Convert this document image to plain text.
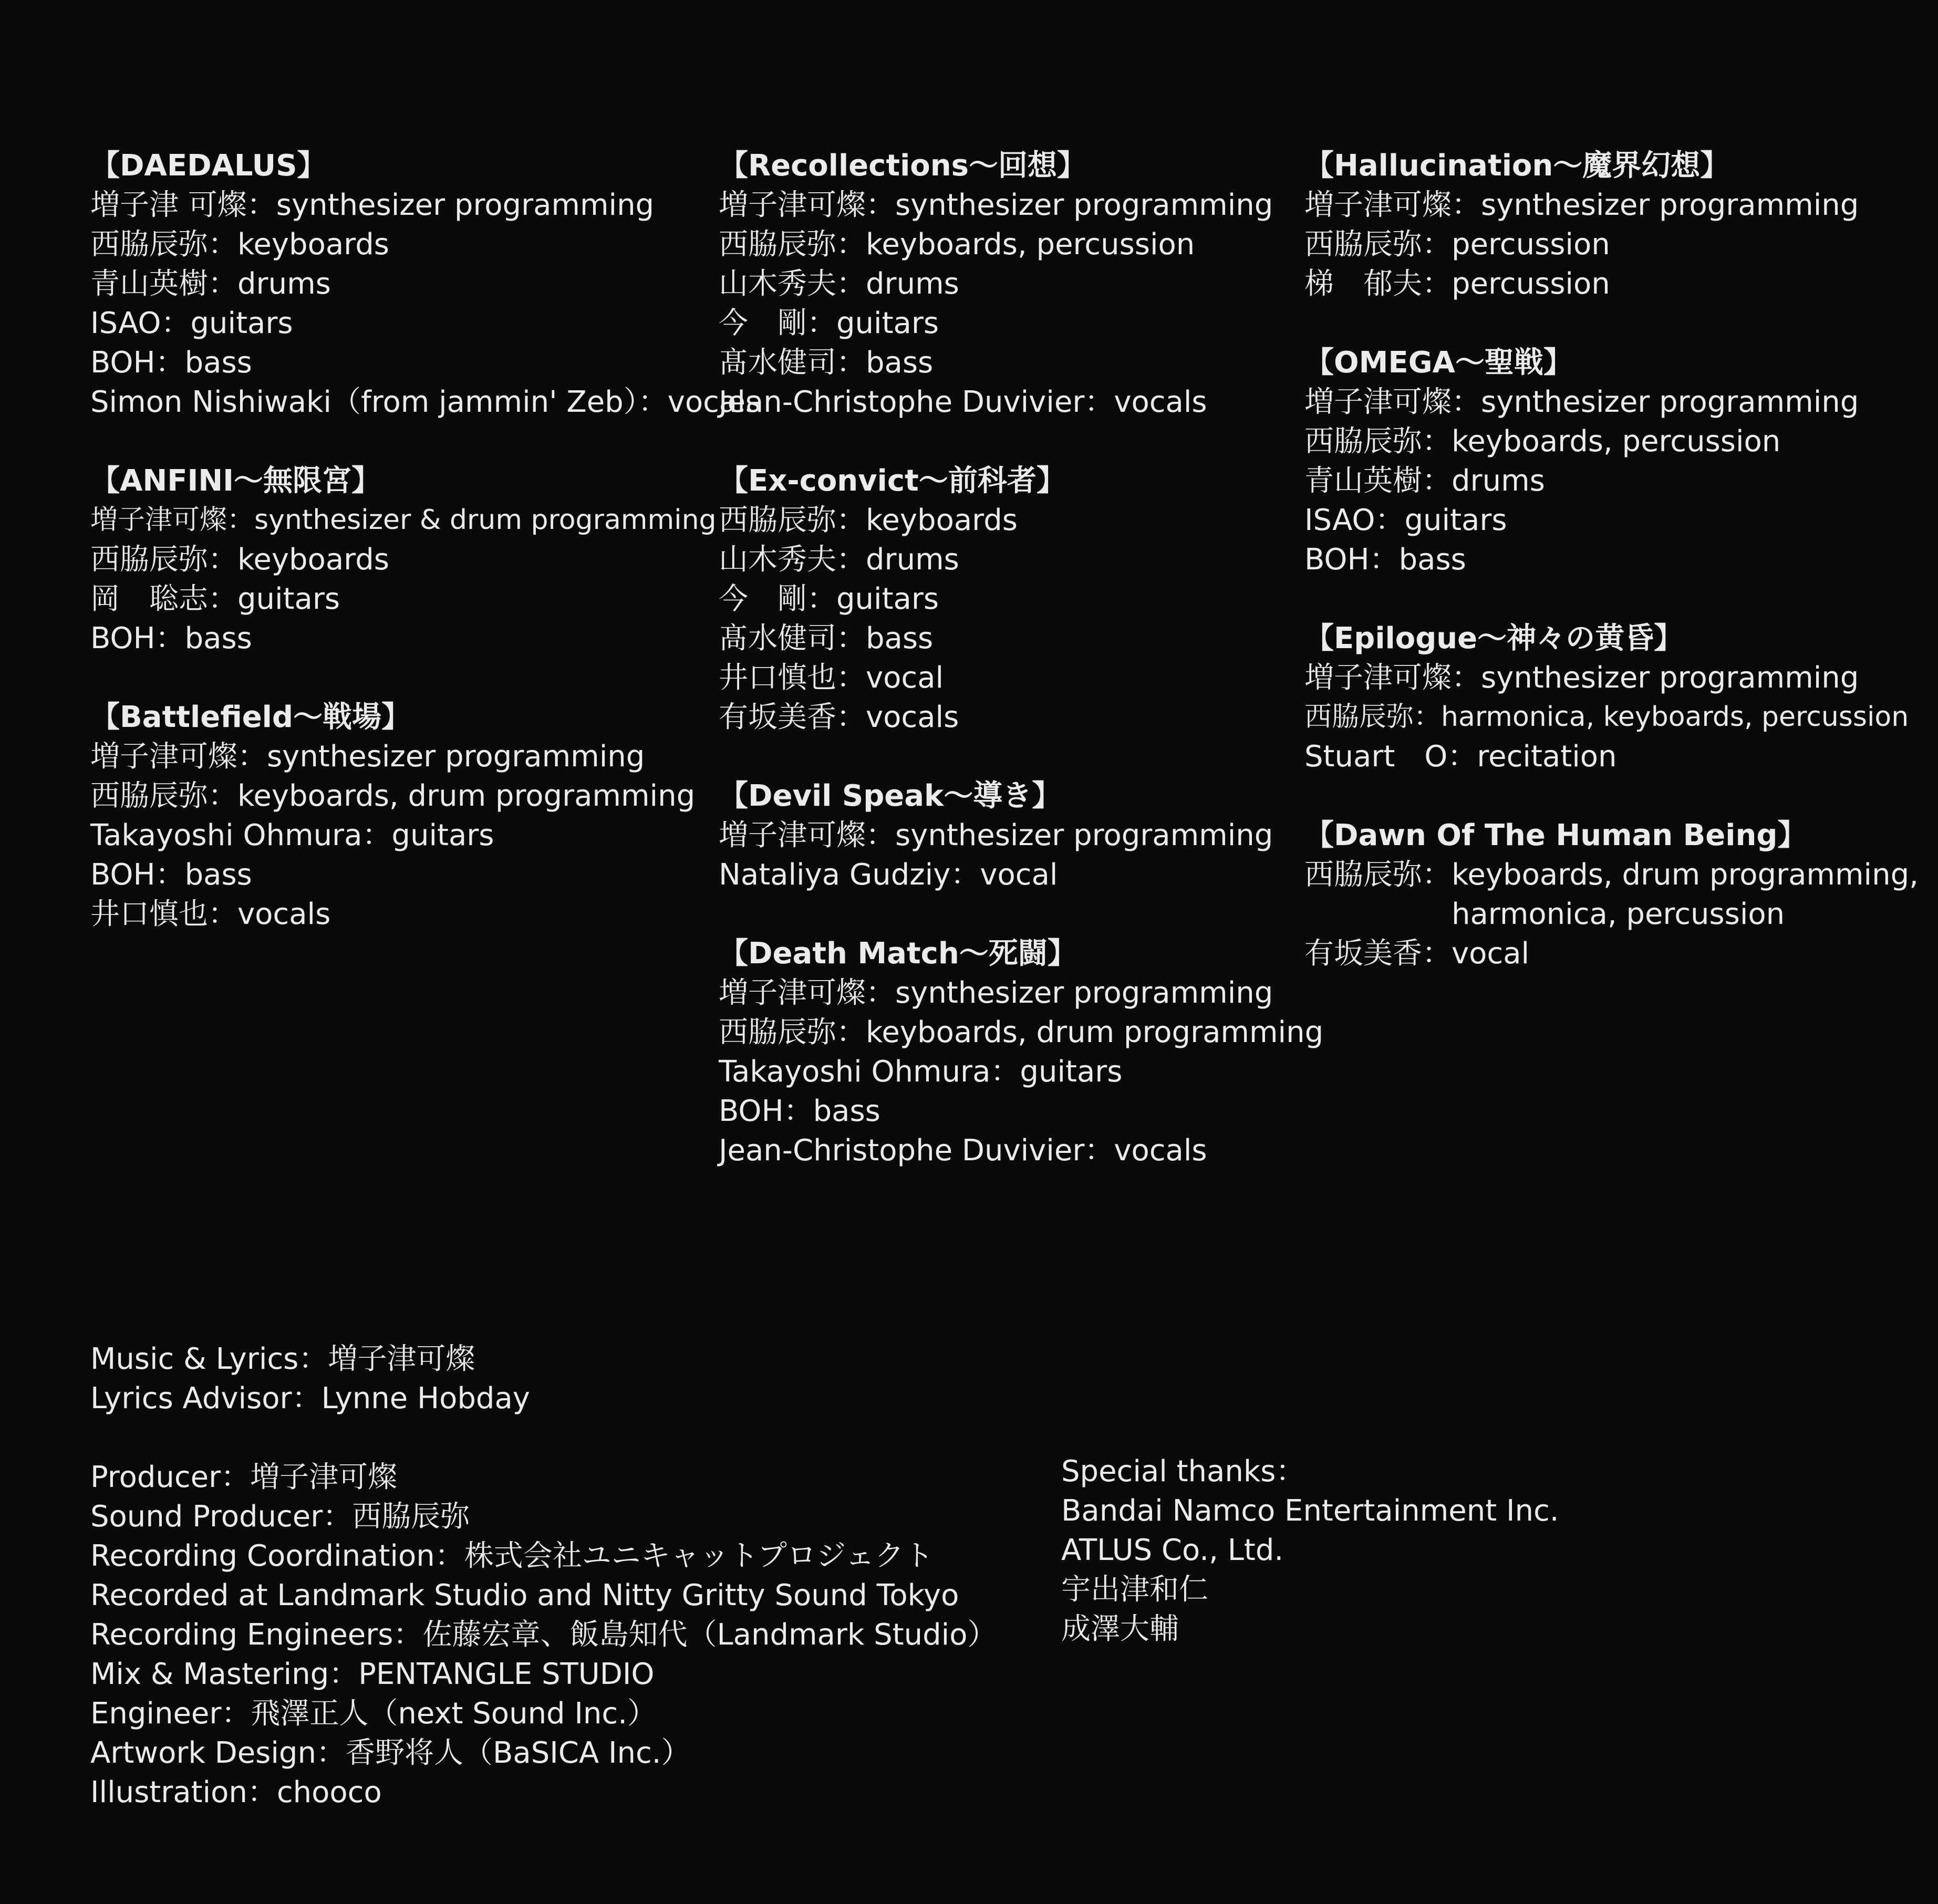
【DAEDALUS】
増子津 可燦：synthesizer programming
西脇辰弥：keyboards
青山英樹：drums
ISAO：guitars
BOH：bass
Simon Nishiwaki（from jammin' Zeb）：vocals
【ANFINI～無限宮】
増子津可燦：synthesizer & drum programming
西脇辰弥：keyboards
岡　聡志：guitars
BOH：bass
【Battlefield～戦場】
増子津可燦：synthesizer programming
西脇辰弥：keyboards, drum programming
Takayoshi Ohmura：guitars
BOH：bass
井口慎也：vocals
【Recollections～回想】
増子津可燦：synthesizer programming
西脇辰弥：keyboards, percussion
山木秀夫：drums
今　剛：guitars
髙水健司：bass
Jean-Christophe Duvivier：vocals
【Ex-convict～前科者】
西脇辰弥：keyboards
山木秀夫：drums
今　剛：guitars
髙水健司：bass
井口慎也：vocal
有坂美香：vocals
【Devil Speak～導き】
増子津可燦：synthesizer programming
Nataliya Gudziy：vocal
【Death Match～死闘】
増子津可燦：synthesizer programming
西脇辰弥：keyboards, drum programming
Takayoshi Ohmura：guitars
BOH：bass
Jean-Christophe Duvivier：vocals
【Hallucination～魔界幻想】
増子津可燦：synthesizer programming
西脇辰弥：percussion
梯　郁夫：percussion
【OMEGA～聖戦】
増子津可燦：synthesizer programming
西脇辰弥：keyboards, percussion
青山英樹：drums
ISAO：guitars
BOH：bass
【Epilogue～神々の黄昏】
増子津可燦：synthesizer programming
西脇辰弥：harmonica, keyboards, percussion
Stuart　O：recitation
【Dawn Of The Human Being】
西脇辰弥：keyboards, drum programming,
harmonica, percussion
有坂美香：vocal
Music & Lyrics：増子津可燦
Lyrics Advisor：Lynne Hobday
Producer：増子津可燦
Sound Producer：西脇辰弥
Recording Coordination：株式会社ユニキャットプロジェクト
Recorded at Landmark Studio and Nitty Gritty Sound Tokyo
Recording Engineers：佐藤宏章、飯島知代（Landmark Studio）
Mix & Mastering：PENTANGLE STUDIO
Engineer：飛澤正人（next Sound Inc.）
Artwork Design：香野将人（BaSICA Inc.）
Illustration：chooco
Special thanks：
Bandai Namco Entertainment Inc.
ATLUS Co., Ltd.
宇出津和仁
成澤大輔
